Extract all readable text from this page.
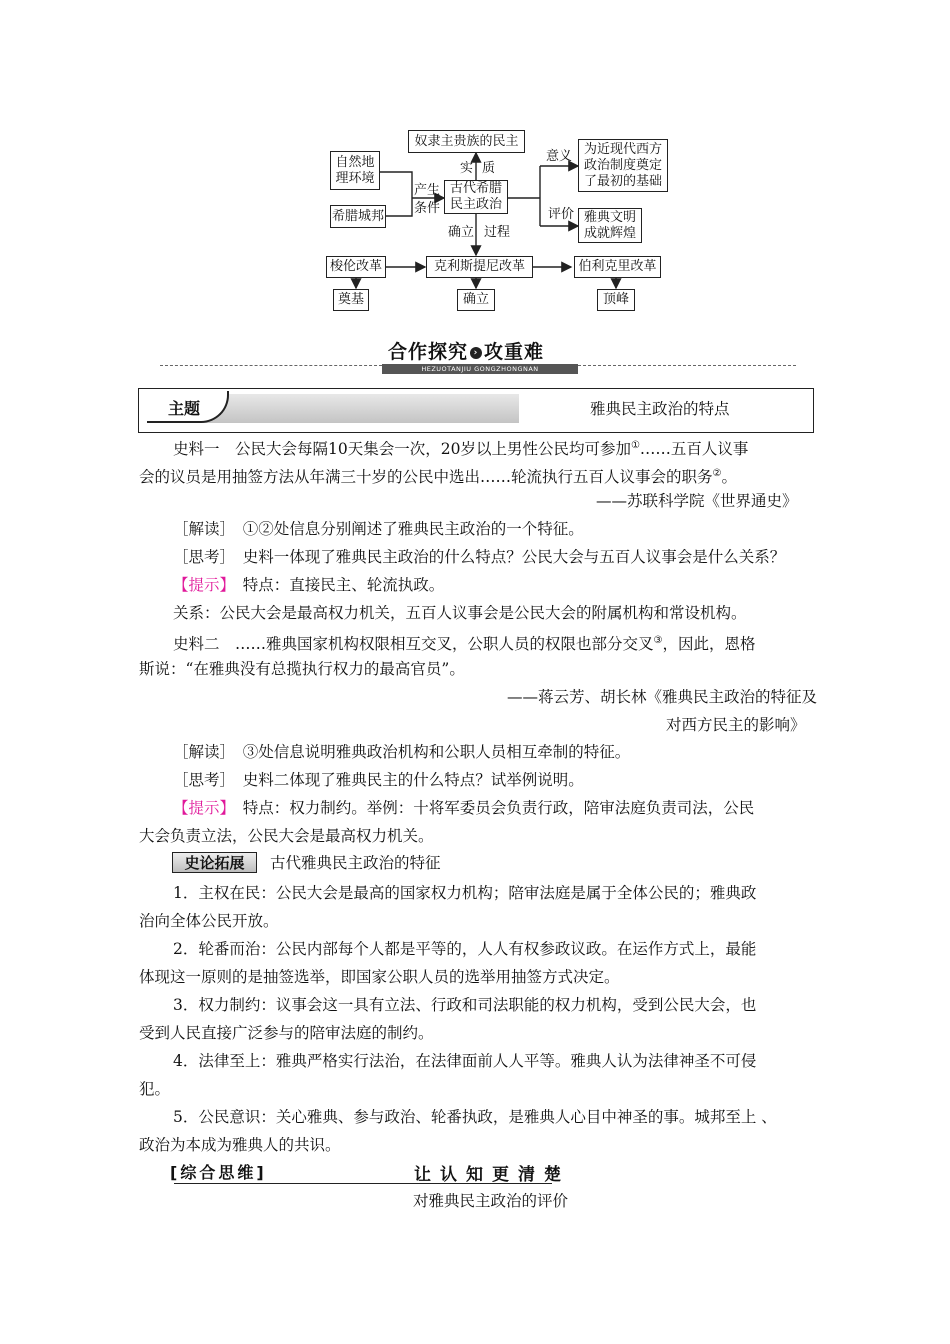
奴隶主贵族的民主
自然地
理环境
希腊城邦
古代希腊
民主政治
为近现代西方
政治制度奠定
了最初的基础
雅典文明
成就辉煌
梭伦改革	克利斯提尼改革	伯利克里改革
奠基	确立	顶峰
实 质
产生
条件
意义
评价
确立 过程
合作探究 › 攻重难
HEZUOTANJIU GONGZHONGNAN
主题	雅典民主政治的特点
史料一　公民大会每隔10天集会一次，20岁以上男性公民均可参加①……五百人议事
会的议员是用抽签方法从年满三十岁的公民中选出……轮流执行五百人议事会的职务②。
——苏联科学院《世界通史》
［解读］　①②处信息分别阐述了雅典民主政治的一个特征。
［思考］　史料一体现了雅典民主政治的什么特点？公民大会与五百人议事会是什么关系？
【提示】　特点：直接民主、轮流执政。
关系：公民大会是最高权力机关，五百人议事会是公民大会的附属机构和常设机构。
史料二　……雅典国家机构权限相互交叉，公职人员的权限也部分交叉③，因此，恩格
斯说：“在雅典没有总揽执行权力的最高官员”。
——蒋云芳、胡长林《雅典民主政治的特征及
对西方民主的影响》
［解读］　③处信息说明雅典政治机构和公职人员相互牵制的特征。
［思考］　史料二体现了雅典民主的什么特点？试举例说明。
【提示】　特点：权力制约。举例：十将军委员会负责行政，陪审法庭负责司法，公民
大会负责立法，公民大会是最高权力机关。
史论拓展	古代雅典民主政治的特征
1．主权在民：公民大会是最高的国家权力机构；陪审法庭是属于全体公民的；雅典政
治向全体公民开放。
2．轮番而治：公民内部每个人都是平等的，人人有权参政议政。在运作方式上，最能
体现这一原则的是抽签选举，即国家公职人员的选举用抽签方式决定。
3．权力制约：议事会这一具有立法、行政和司法职能的权力机构，受到公民大会，也
受到人民直接广泛参与的陪审法庭的制约。
4．法律至上：雅典严格实行法治，在法律面前人人平等。雅典人认为法律神圣不可侵
犯。
5．公民意识：关心雅典、参与政治、轮番执政，是雅典人心目中神圣的事。城邦至上 、
政治为本成为雅典人的共识。
[综合思维]	让认知更清楚
对雅典民主政治的评价
